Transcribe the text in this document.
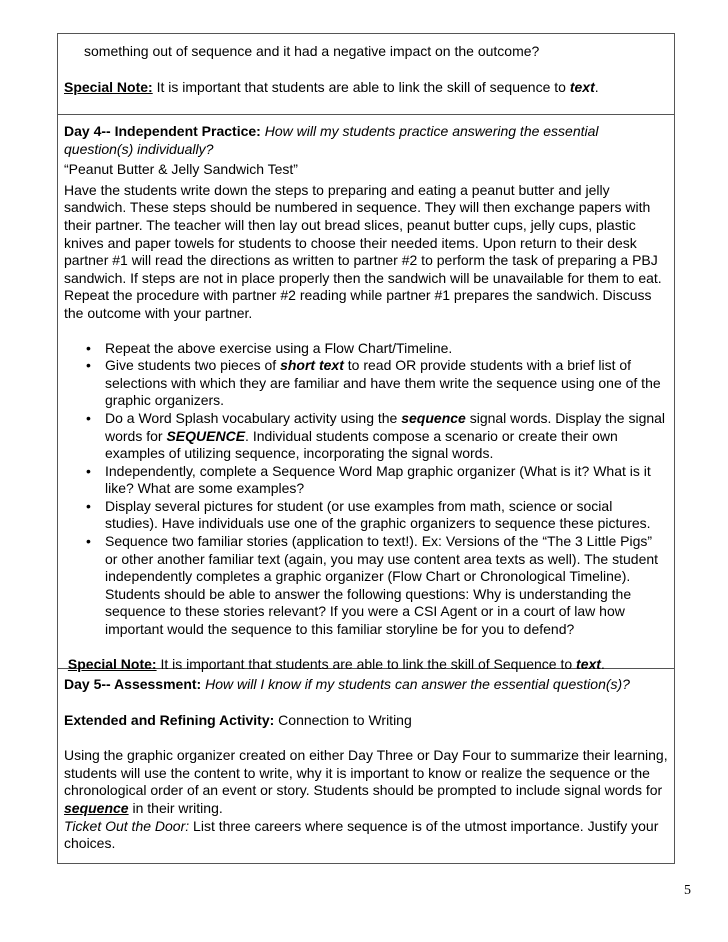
something out of sequence and it had a negative impact on the outcome?

Special Note: It is important that students are able to link the skill of sequence to text.

Day 4-- Independent Practice: How will my students practice answering the essential question(s) individually?

“Peanut Butter & Jelly Sandwich Test”

Have the students write down the steps to preparing and eating a peanut butter and jelly sandwich. These steps should be numbered in sequence. They will then exchange papers with their partner. The teacher will then lay out bread slices, peanut butter cups, jelly cups, plastic knives and paper towels for students to choose their needed items. Upon return to their desk partner #1 will read the directions as written to partner #2 to perform the task of preparing a PBJ sandwich. If steps are not in place properly then the sandwich will be unavailable for them to eat. Repeat the procedure with partner #2 reading while partner #1 prepares the sandwich. Discuss the outcome with your partner.

• Repeat the above exercise using a Flow Chart/Timeline.
• Give students two pieces of short text to read OR provide students with a brief list of selections with which they are familiar and have them write the sequence using one of the graphic organizers.
• Do a Word Splash vocabulary activity using the sequence signal words. Display the signal words for SEQUENCE. Individual students compose a scenario or create their own examples of utilizing sequence, incorporating the signal words.
• Independently, complete a Sequence Word Map graphic organizer (What is it? What is it like? What are some examples?
• Display several pictures for student (or use examples from math, science or social studies). Have individuals use one of the graphic organizers to sequence these pictures.
• Sequence two familiar stories (application to text!). Ex: Versions of the “The 3 Little Pigs” or other another familiar text (again, you may use content area texts as well). The student independently completes a graphic organizer (Flow Chart or Chronological Timeline). Students should be able to answer the following questions: Why is understanding the sequence to these stories relevant? If you were a CSI Agent or in a court of law how important would the sequence to this familiar storyline be for you to defend?

Special Note: It is important that students are able to link the skill of Sequence to text.

Day 5-- Assessment: How will I know if my students can answer the essential question(s)?

Extended and Refining Activity: Connection to Writing

Using the graphic organizer created on either Day Three or Day Four to summarize their learning, students will use the content to write, why it is important to know or realize the sequence or the chronological order of an event or story. Students should be prompted to include signal words for sequence in their writing.

Ticket Out the Door: List three careers where sequence is of the utmost importance. Justify your choices.

5
